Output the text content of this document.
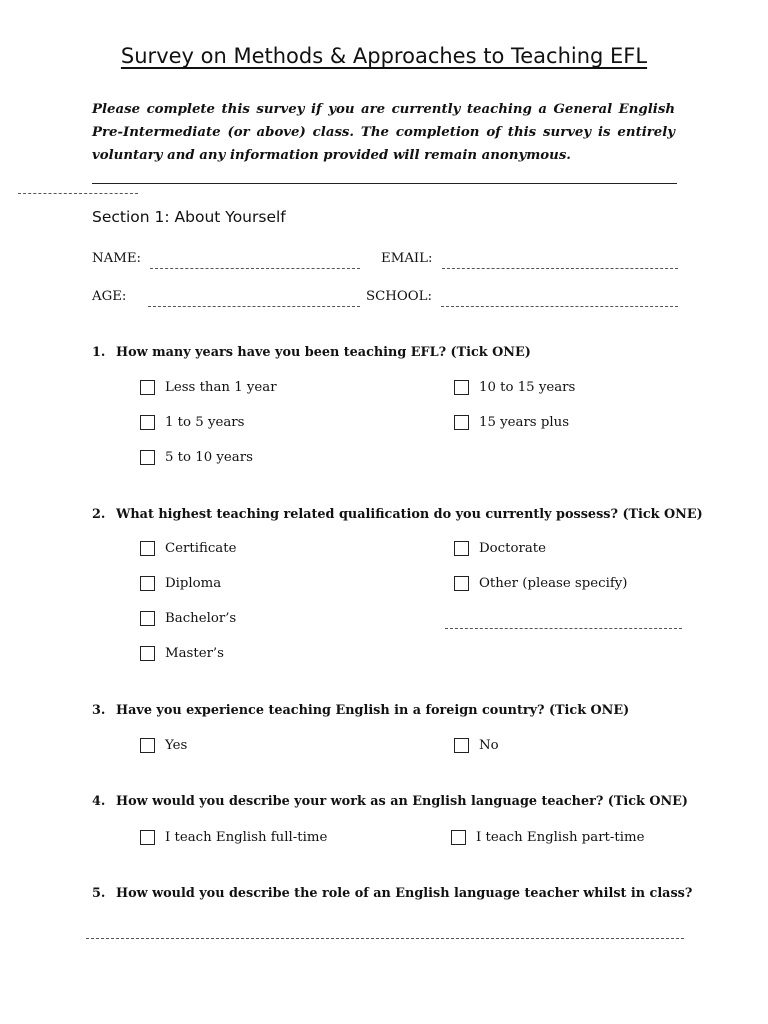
Survey on Methods & Approaches to Teaching EFL
Please complete this survey if you are currently teaching a General English Pre-Intermediate (or above) class. The completion of this survey is entirely voluntary and any information provided will remain anonymous.
Section 1: About Yourself
NAME:	EMAIL:
AGE:	SCHOOL:
1. How many years have you been teaching EFL? (Tick ONE)
Less than 1 year
1 to 5 years
5 to 10 years
10 to 15 years
15 years plus
2. What highest teaching related qualification do you currently possess? (Tick ONE)
Certificate
Diploma
Bachelor’s
Master’s
Doctorate
Other (please specify)
3. Have you experience teaching English in a foreign country? (Tick ONE)
Yes	No
4. How would you describe your work as an English language teacher? (Tick ONE)
I teach English full-time	I teach English part-time
5. How would you describe the role of an English language teacher whilst in class?
